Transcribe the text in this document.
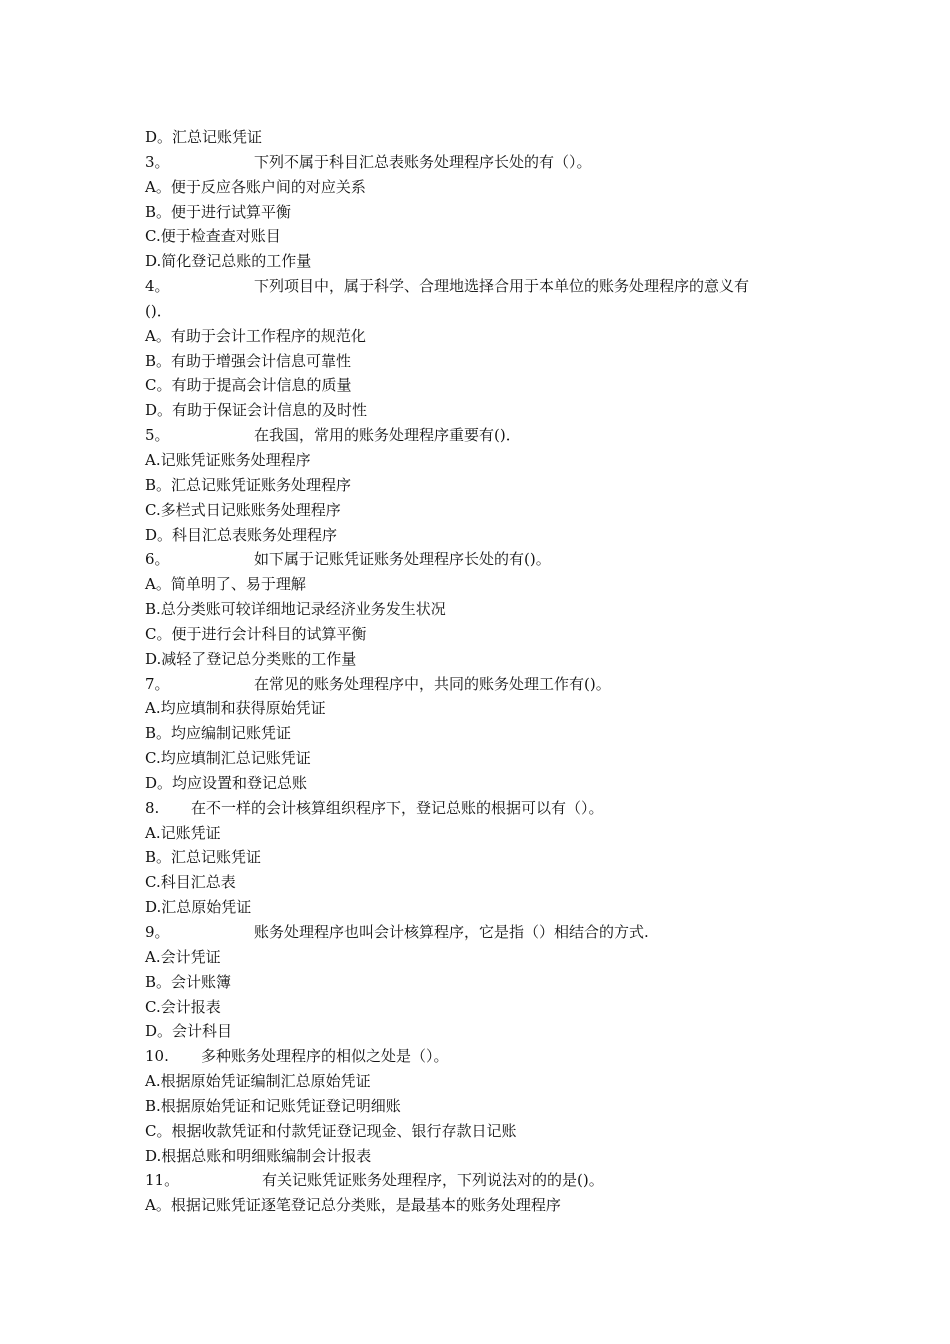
D。汇总记账凭证
3。	下列不属于科目汇总表账务处理程序长处的有（）。
A。便于反应各账户间的对应关系
B。便于进行试算平衡
C.便于检查查对账目
D.简化登记总账的工作量
4。	下列项目中，属于科学、合理地选择合用于本单位的账务处理程序的意义有
()．
A。有助于会计工作程序的规范化
B。有助于增强会计信息可靠性
C。有助于提高会计信息的质量
D。有助于保证会计信息的及时性
5。	在我国，常用的账务处理程序重要有()．
A.记账凭证账务处理程序
B。汇总记账凭证账务处理程序
C.多栏式日记账账务处理程序
D。科目汇总表账务处理程序
6。	如下属于记账凭证账务处理程序长处的有()。
A。简单明了、易于理解
B.总分类账可较详细地记录经济业务发生状况
C。便于进行会计科目的试算平衡
D.减轻了登记总分类账的工作量
7。	在常见的账务处理程序中，共同的账务处理工作有()。
A.均应填制和获得原始凭证
B。均应编制记账凭证
C.均应填制汇总记账凭证
D。均应设置和登记总账
8. 在不一样的会计核算组织程序下，登记总账的根据可以有（）。
A.记账凭证
B。汇总记账凭证
C.科目汇总表
D.汇总原始凭证
9。	账务处理程序也叫会计核算程序，它是指（）相结合的方式.
A.会计凭证
B。会计账簿
C.会计报表
D。会计科目
10. 多种账务处理程序的相似之处是（）。
A.根据原始凭证编制汇总原始凭证
B.根据原始凭证和记账凭证登记明细账
C。根据收款凭证和付款凭证登记现金、银行存款日记账
D.根据总账和明细账编制会计报表
11。	有关记账凭证账务处理程序，下列说法对的的是()。
A。根据记账凭证逐笔登记总分类账，是最基本的账务处理程序
